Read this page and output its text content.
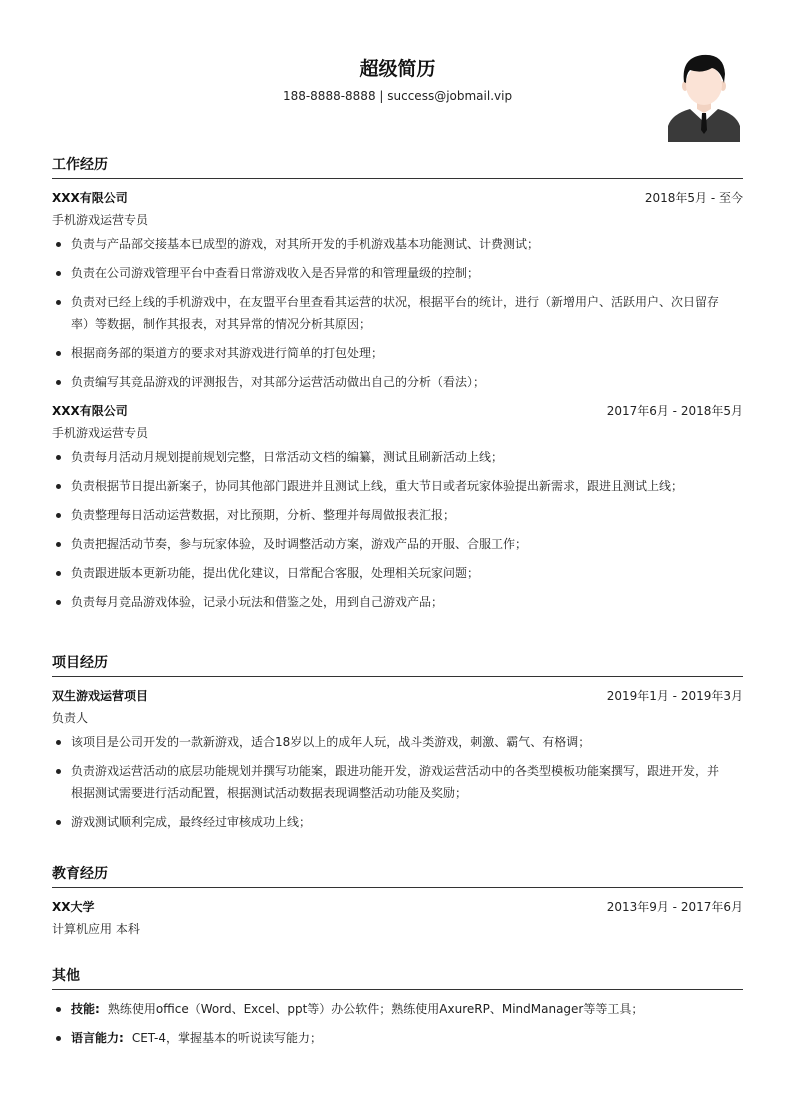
超级简历
188-8888-8888 | success@jobmail.vip
工作经历
XXX有限公司	2018年5月 - 至今
手机游戏运营专员
负责与产品部交接基本已成型的游戏，对其所开发的手机游戏基本功能测试、计费测试；
负责在公司游戏管理平台中查看日常游戏收入是否异常的和管理量级的控制；
负责对已经上线的手机游戏中，在友盟平台里查看其运营的状况，根据平台的统计，进行（新增用户、活跃用户、次日留存率）等数据，制作其报表，对其异常的情况分析其原因；
根据商务部的渠道方的要求对其游戏进行简单的打包处理；
负责编写其竞品游戏的评测报告，对其部分运营活动做出自己的分析（看法）；
XXX有限公司	2017年6月 - 2018年5月
手机游戏运营专员
负责每月活动月规划提前规划完整，日常活动文档的编纂，测试且刷新活动上线；
负责根据节日提出新案子，协同其他部门跟进并且测试上线，重大节日或者玩家体验提出新需求，跟进且测试上线；
负责整理每日活动运营数据，对比预期，分析、整理并每周做报表汇报；
负责把握活动节奏，参与玩家体验，及时调整活动方案，游戏产品的开服、合服工作；
负责跟进版本更新功能，提出优化建议，日常配合客服，处理相关玩家问题；
负责每月竞品游戏体验，记录小玩法和借鉴之处，用到自己游戏产品；
项目经历
双生游戏运营项目	2019年1月 - 2019年3月
负责人
该项目是公司开发的一款新游戏，适合18岁以上的成年人玩，战斗类游戏，刺激、霸气、有格调；
负责游戏运营活动的底层功能规划并撰写功能案，跟进功能开发，游戏运营活动中的各类型模板功能案撰写，跟进开发，并根据测试需要进行活动配置，根据测试活动数据表现调整活动功能及奖励；
游戏测试顺利完成，最终经过审核成功上线；
教育经历
XX大学	2013年9月 - 2017年6月
计算机应用 本科
其他
技能: 熟练使用office（Word、Excel、ppt等）办公软件；熟练使用AxureRP、MindManager等等工具；
语言能力: CET-4，掌握基本的听说读写能力；
